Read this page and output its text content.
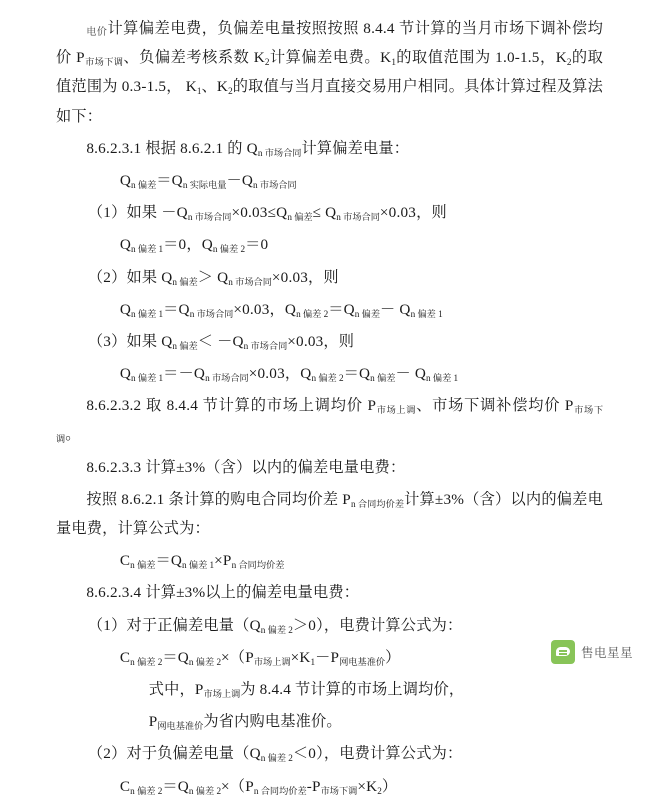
电价计算偏差电费，负偏差电量按照按照 8.4.4 节计算的当月市场下调补偿均价 $P_{市场下调}$、负偏差考核系数 $K_2$计算偏差电费。$K_1$的取值范围为 1.0-1.5，$K_2$的取值范围为 0.3-1.5， $K_1$、$K_2$的取值与当月直接交易用户相同。具体计算过程及算法如下：

8.6.2.3.1 根据 8.6.2.1 的 $Q_{n 市场合同}$计算偏差电量：

$Q_{n 偏差}=Q_{n 实际电量}-Q_{n 市场合同}$

（1）如果 $-Q_{n 市场合同}\times 0.03\le Q_{n 偏差}\le Q_{n 市场合同}\times 0.03$，则

$Q_{n 偏差 1}=0$，$Q_{n 偏差 2}=0$

（2）如果 $Q_{n 偏差}> Q_{n 市场合同}\times 0.03$，则

$Q_{n 偏差 1}=Q_{n 市场合同}\times 0.03$，$Q_{n 偏差 2}=Q_{n 偏差}- Q_{n 偏差 1}$

（3）如果 $Q_{n 偏差}< -Q_{n 市场合同}\times 0.03$，则

$Q_{n 偏差 1}=-Q_{n 市场合同}\times 0.03$，$Q_{n 偏差 2}=Q_{n 偏差}- Q_{n 偏差 1}$

8.6.2.3.2 取 8.4.4 节计算的市场上调均价 $P_{市场上调}$、市场下调补偿均价 $P_{市场下调}$。

8.6.2.3.3 计算±3%（含）以内的偏差电量电费：

按照 8.6.2.1 条计算的购电合同均价差 $P_{n 合同均价差}$计算±3%（含）以内的偏差电量电费，计算公式为：

$C_{n 偏差}=Q_{n 偏差 1}\times P_{n 合同均价差}$

8.6.2.3.4 计算±3%以上的偏差电量电费：

（1）对于正偏差电量$(Q_{n 偏差 2}>0)$，电费计算公式为：

$C_{n 偏差 2}=Q_{n 偏差 2}\times(P_{市场上调}\times K_1-P_{网电基准价})$

式中，$P_{市场上调}$为 8.4.4 节计算的市场上调均价，

$P_{网电基准价}$为省内购电基准价。

（2）对于负偏差电量$(Q_{n 偏差 2}<0)$，电费计算公式为：

$C_{n 偏差 2}=Q_{n 偏差 2}\times(P_{n 合同均价差}-P_{市场下调}\times K_2)$

售电星星
